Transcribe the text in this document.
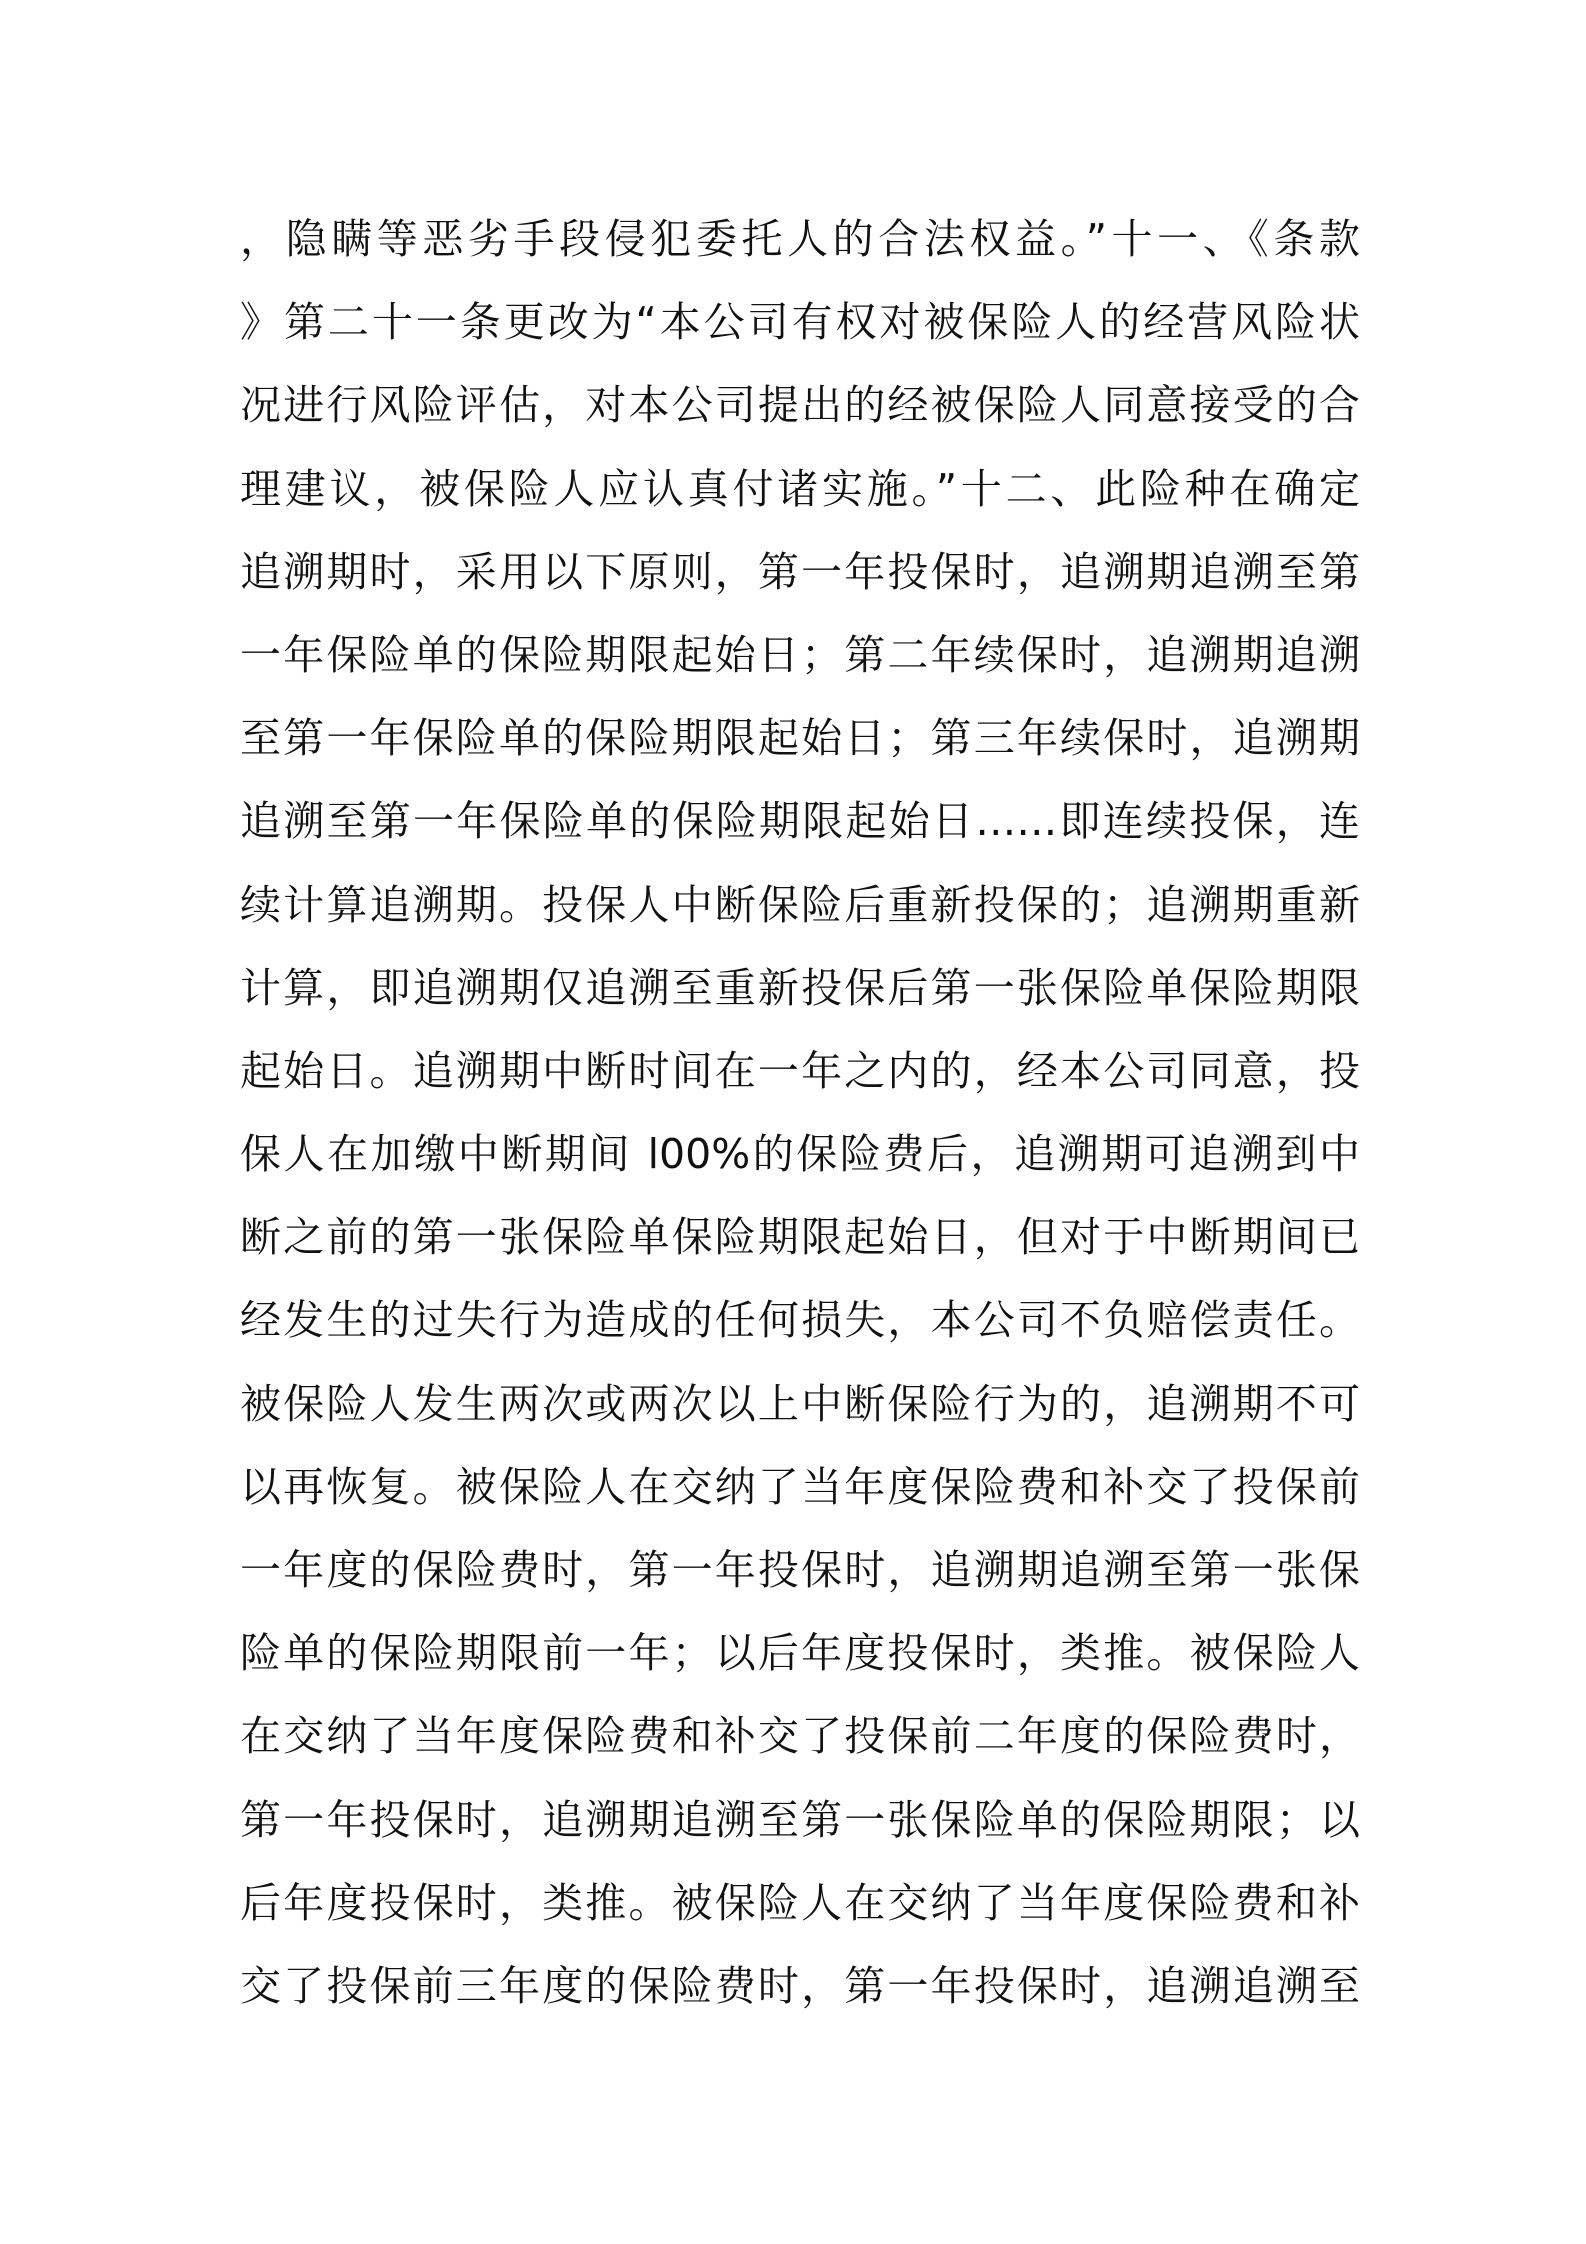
，隐瞒等恶劣手段侵犯委托人的合法权益。”十一、《条款
》第二十一条更改为“本公司有权对被保险人的经营风险状
况进行风险评估，对本公司提出的经被保险人同意接受的合
理建议，被保险人应认真付诸实施。”十二、此险种在确定
追溯期时，采用以下原则，第一年投保时，追溯期追溯至第
一年保险单的保险期限起始日；第二年续保时，追溯期追溯
至第一年保险单的保险期限起始日；第三年续保时，追溯期
追溯至第一年保险单的保险期限起始日……即连续投保，连
续计算追溯期。投保人中断保险后重新投保的；追溯期重新
计算，即追溯期仅追溯至重新投保后第一张保险单保险期限
起始日。追溯期中断时间在一年之内的，经本公司同意，投
保人在加缴中断期间 l00%的保险费后，追溯期可追溯到中
断之前的第一张保险单保险期限起始日，但对于中断期间已
经发生的过失行为造成的任何损失，本公司不负赔偿责任。
被保险人发生两次或两次以上中断保险行为的，追溯期不可
以再恢复。被保险人在交纳了当年度保险费和补交了投保前
一年度的保险费时，第一年投保时，追溯期追溯至第一张保
险单的保险期限前一年；以后年度投保时，类推。被保险人
在交纳了当年度保险费和补交了投保前二年度的保险费时，
第一年投保时，追溯期追溯至第一张保险单的保险期限；以
后年度投保时，类推。被保险人在交纳了当年度保险费和补
交了投保前三年度的保险费时，第一年投保时，追溯追溯至
